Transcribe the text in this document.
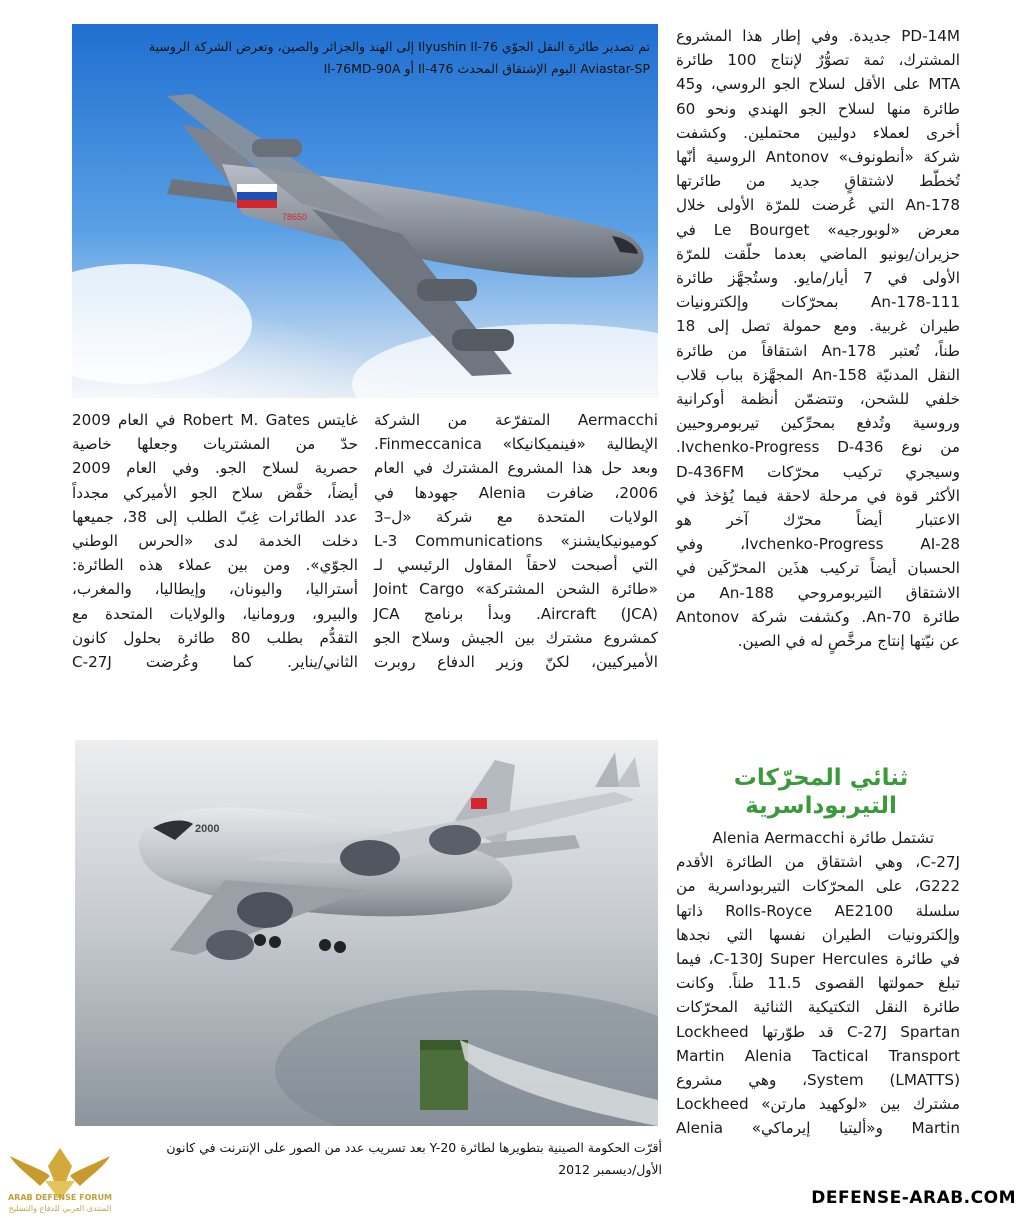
78650
تم تصدير طائرة النقل الجوّي Ilyushin Il-76 إلى الهند والجزائر والصين، وتعرض الشركة الروسية
Aviastar-SP اليوم الإشتقاق المحدث Il-476 أو Il-76MD-90A
PD-14M جديدة. وفي إطار هذا المشروع
المشترك، ثمة تصوُّرٌ لإنتاج 100 طائرة
MTA على الأقل لسلاح الجو الروسي، و45
طائرة منها لسلاح الجو الهندي ونحو 60
أخرى لعملاء دوليين محتملين. وكشفت
شركة «أنطونوف» Antonov الروسية أنّها
تُخطّط لاشتقاقٍ جديد من طائرتها
An-178 التي عُرضت للمرّة الأولى خلال
معرض «لوبورجيه» Le Bourget في
حزيران/يونيو الماضي بعدما حلّقت للمرّة
الأولى في 7 أيار/مايو. وستُجهَّز طائرة
An-178-111 بمحرّكات وإلكترونيات
طيران غربية. ومع حمولة تصل إلى 18
طناً، تُعتبر An-178 اشتقاقاً من طائرة
النقل المدنيّة An-158 المجهَّزة بباب قلاب
خلفي للشحن، وتتضمّن أنظمة أوكرانية
وروسية وتُدفع بمحرِّكين تيربومروحيين
من نوع Ivchenko-Progress D-436.
وسيجري تركيب محرّكات D-436FM
الأكثر قوة في مرحلة لاحقة فيما يُؤخذ في
الاعتبار أيضاً محرّك آخر هو
Ivchenko-Progress AI-28، وفي
الحسبان أيضاً تركيب هذَين المحرّكَين في
الاشتقاق التيربومروحي An-188 من
طائرة An-70. وكشفت شركة Antonov
عن نيّتها إنتاج مرخَّصٍ له في الصين.
Aermacchi المتفرّعة من الشركة
الإيطالية «فينميكانيكا» Finmeccanica.
وبعد حل هذا المشروع المشترك في العام
2006، ضافرت Alenia جهودها في
الولايات المتحدة مع شركة «ل–3
كوميونيكايشنز» L-3 Communications
التي أصبحت لاحقاً المقاول الرئيسي لـ
«طائرة الشحن المشتركة» Joint Cargo
Aircraft (JCA). وبدأ برنامج JCA
كمشروع مشترك بين الجيش وسلاح الجو
الأميركيين، لكنّ وزير الدفاع روبرت
غايتس Robert M. Gates في العام 2009
حدّ من المشتريات وجعلها خاصية
حصرية لسلاح الجو. وفي العام 2009
أيضاً، خفَّض سلاح الجو الأميركي مجدداً
عدد الطائرات غِبّ الطلب إلى 38، جميعها
دخلت الخدمة لدى «الحرس الوطني
الجوّي». ومن بين عملاء هذه الطائرة:
أستراليا، واليونان، وإيطاليا، والمغرب،
والبيرو، ورومانيا، والولايات المتحدة مع
التقدُّم بطلب 80 طائرة بحلول كانون
الثاني/يناير. كما وعُرضت C-27J
ثنائي المحرّكات
التيربوداسرية
تشتمل طائرة Alenia Aermacchi
C-27J، وهي اشتقاق من الطائرة الأقدم
G222، على المحرّكات التيربوداسرية من
سلسلة Rolls-Royce AE2100 ذاتها
وإلكترونيات الطيران نفسها التي نجدها
في طائرة C-130J Super Hercules، فيما
تبلغ حمولتها القصوى 11.5 طناً. وكانت
طائرة النقل التكتيكية الثنائية المحرّكات
C-27J Spartan قد طوّرتها Lockheed
Martin Alenia Tactical Transport
System (LMATTS)، وهي مشروع
مشترك بين «لوكهيد مارتن» Lockheed
Martin و«أليتيا إيرماكي» Alenia
2000
أقرّت الحكومة الصينية بتطويرها لطائرة Y-20 بعد تسريب عدد من الصور على الإنترنت في كانون
الأول/ديسمبر 2012
ARAB DEFENSE FORUM
المنتدى العربي للدفاع والتسليح
DEFENSE-ARAB.COM
